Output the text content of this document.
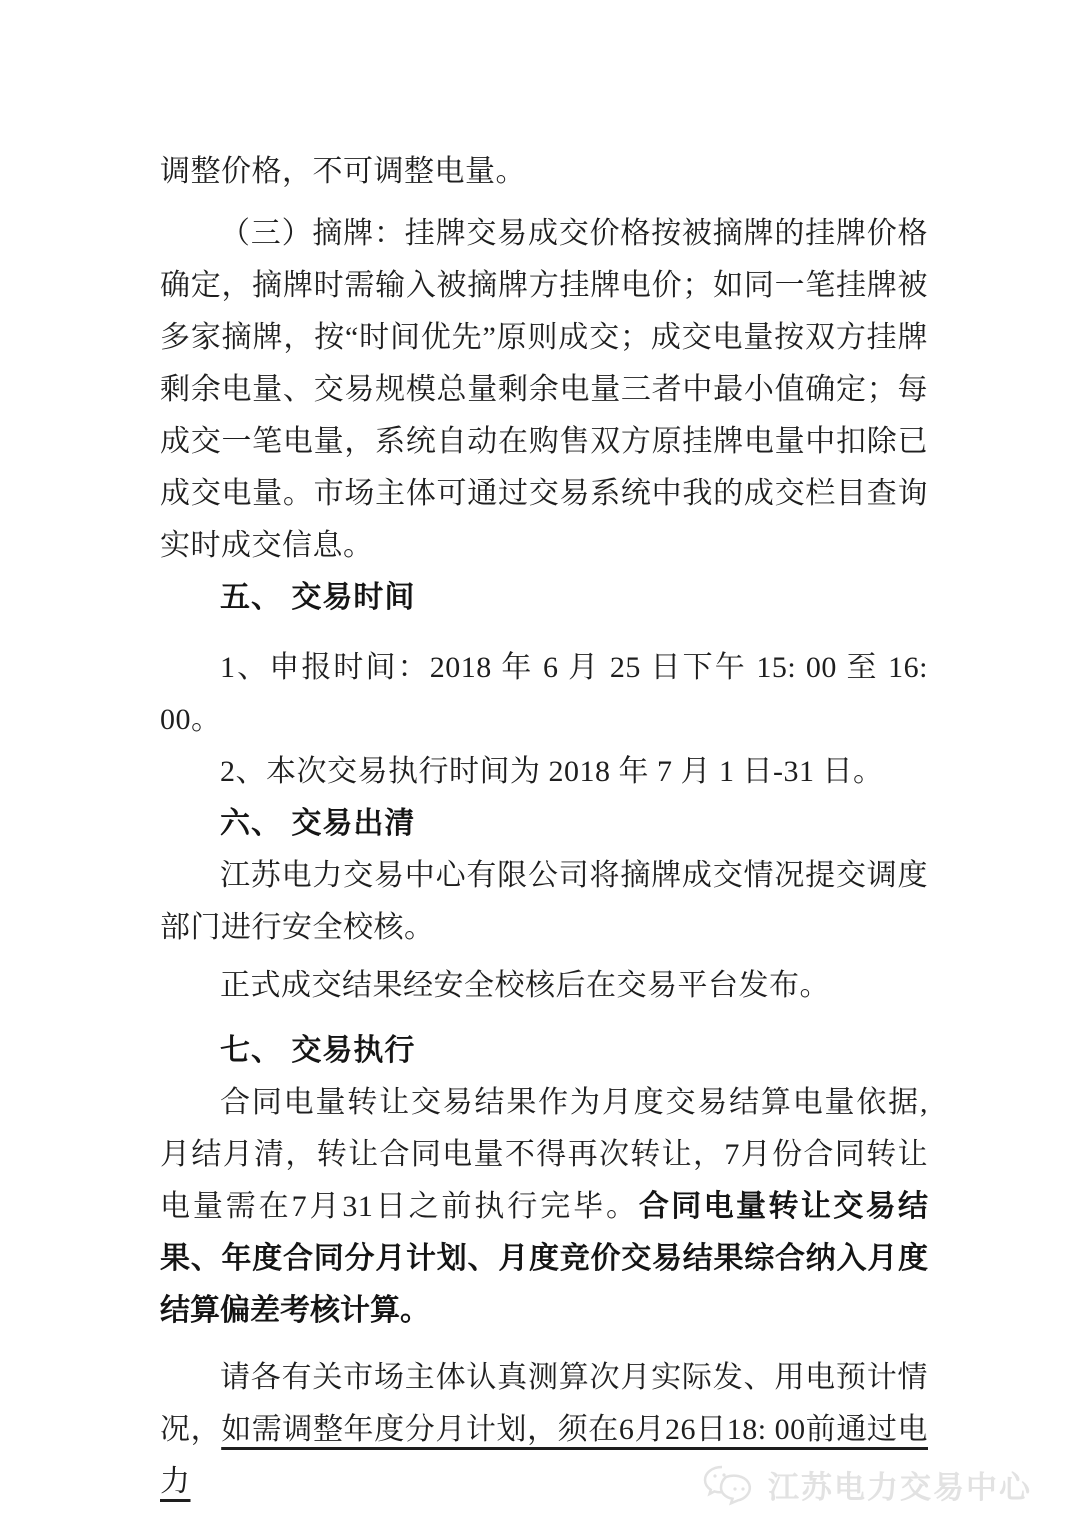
调整价格，不可调整电量。

（三）摘牌：挂牌交易成交价格按被摘牌的挂牌价格确定，摘牌时需输入被摘牌方挂牌电价；如同一笔挂牌被多家摘牌，按“时间优先”原则成交；成交电量按双方挂牌剩余电量、交易规模总量剩余电量三者中最小值确定；每成交一笔电量，系统自动在购售双方原挂牌电量中扣除已成交电量。市场主体可通过交易系统中我的成交栏目查询实时成交信息。

五、 交易时间

1、申报时间：2018 年 6 月 25 日下午 15: 00 至 16: 00。

2、本次交易执行时间为 2018 年 7 月 1 日-31 日。

六、 交易出清

江苏电力交易中心有限公司将摘牌成交情况提交调度部门进行安全校核。

正式成交结果经安全校核后在交易平台发布。

七、 交易执行

合同电量转让交易结果作为月度交易结算电量依据,月结月清，转让合同电量不得再次转让，7月份合同转让电量需在7月31日之前执行完毕。合同电量转让交易结果、年度合同分月计划、月度竞价交易结果综合纳入月度结算偏差考核计算。

请各有关市场主体认真测算次月实际发、用电预计情况，如需调整年度分月计划，须在6月26日18: 00前通过电力	江苏电力交易中心
